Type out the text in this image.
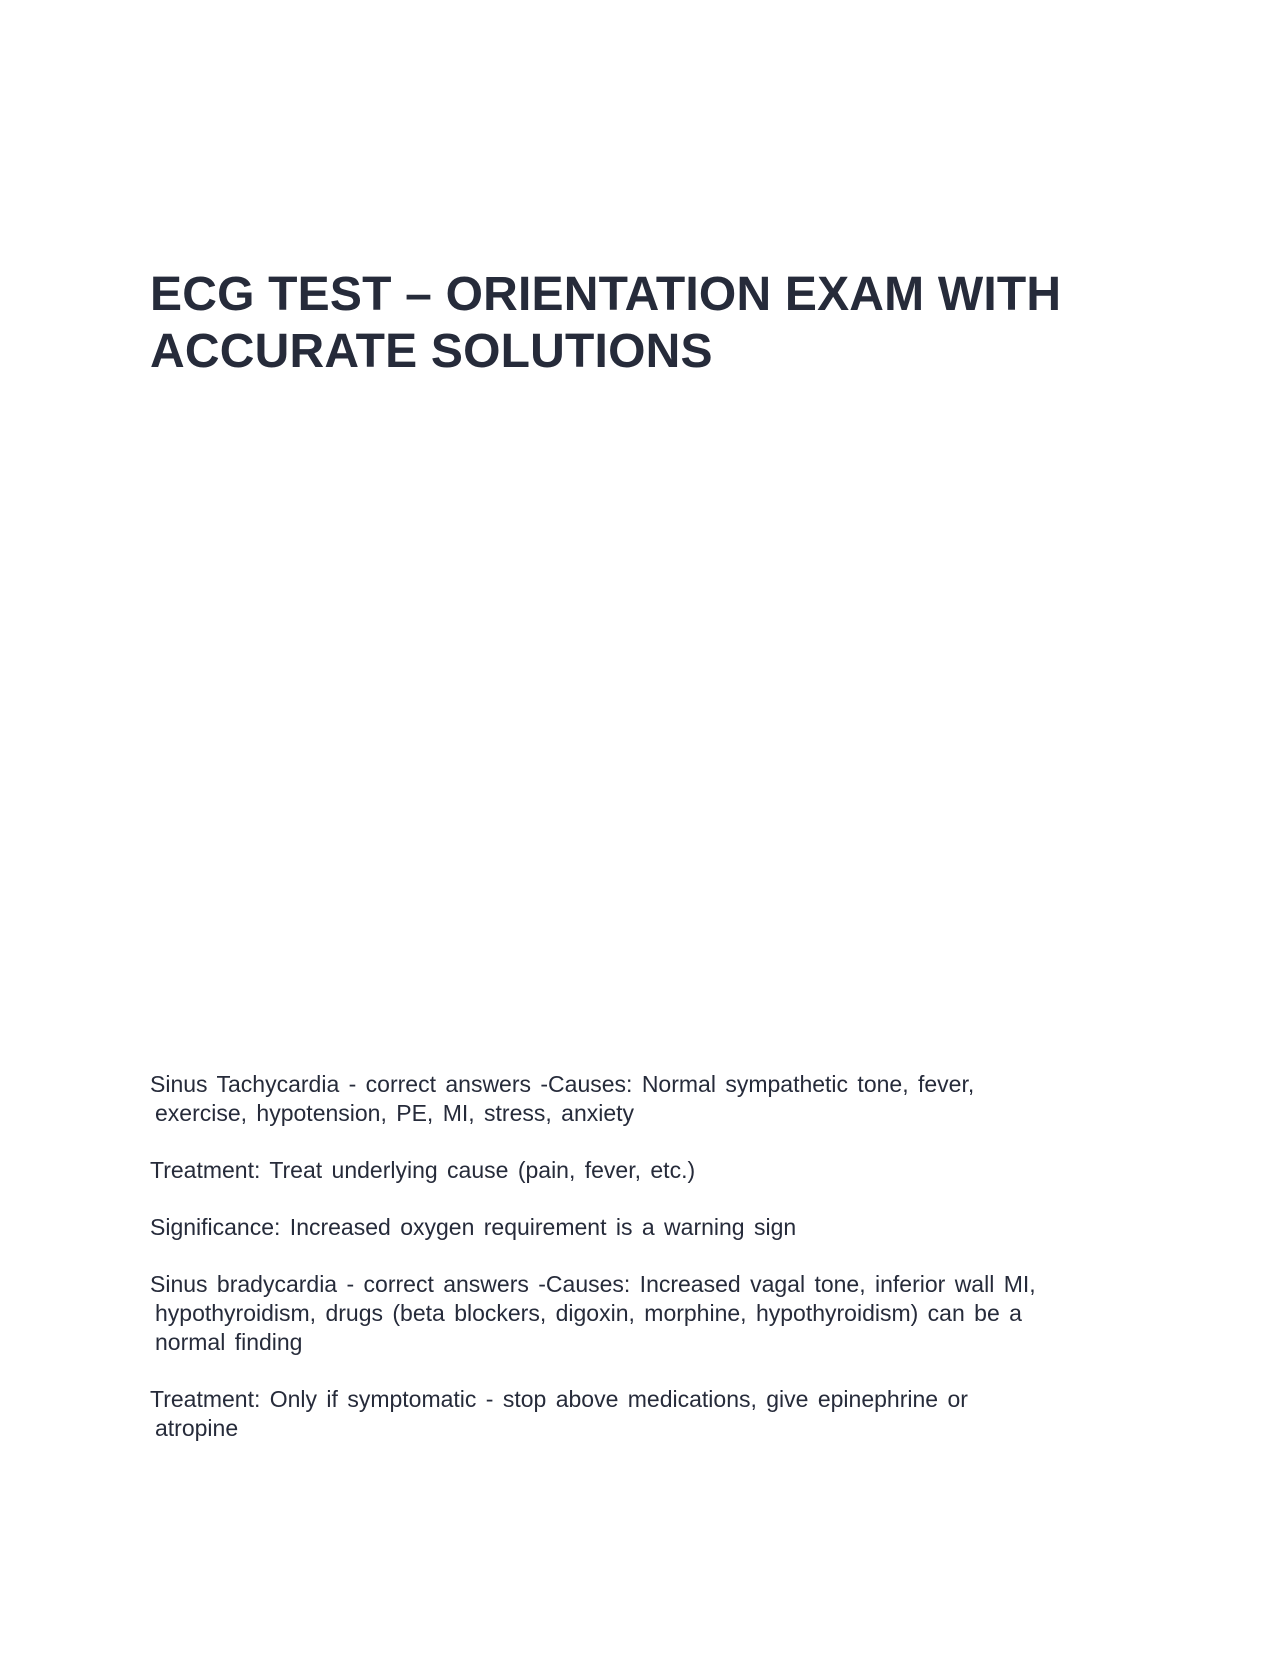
ECG TEST – ORIENTATION EXAM WITH
ACCURATE SOLUTIONS

Sinus Tachycardia - correct answers -Causes: Normal sympathetic tone, fever,
exercise, hypotension, PE, MI, stress, anxiety

Treatment: Treat underlying cause (pain, fever, etc.)

Significance: Increased oxygen requirement is a warning sign

Sinus bradycardia - correct answers -Causes: Increased vagal tone, inferior wall MI,
hypothyroidism, drugs (beta blockers, digoxin, morphine, hypothyroidism) can be a
normal finding

Treatment: Only if symptomatic - stop above medications, give epinephrine or
atropine
